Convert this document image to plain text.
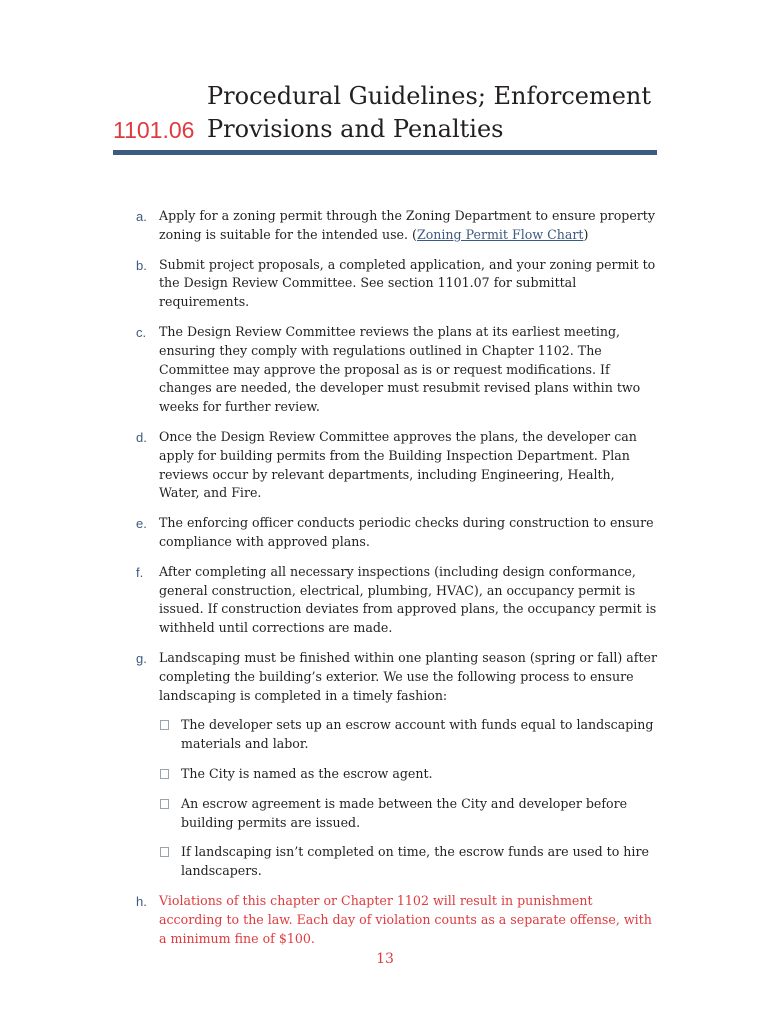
Procedural Guidelines; Enforcement
1101.06 Provisions and Penalties
a. Apply for a zoning permit through the Zoning Department to ensure property zoning is suitable for the intended use. (Zoning Permit Flow Chart)
b. Submit project proposals, a completed application, and your zoning permit to the Design Review Committee. See section 1101.07 for submittal requirements.
c. The Design Review Committee reviews the plans at its earliest meeting, ensuring they comply with regulations outlined in Chapter 1102. The Committee may approve the proposal as is or request modifications. If changes are needed, the developer must resubmit revised plans within two weeks for further review.
d. Once the Design Review Committee approves the plans, the developer can apply for building permits from the Building Inspection Department. Plan reviews occur by relevant departments, including Engineering, Health, Water, and Fire.
e. The enforcing officer conducts periodic checks during construction to ensure compliance with approved plans.
f. After completing all necessary inspections (including design conformance, general construction, electrical, plumbing, HVAC), an occupancy permit is issued. If construction deviates from approved plans, the occupancy permit is withheld until corrections are made.
g. Landscaping must be finished within one planting season (spring or fall) after completing the building’s exterior. We use the following process to ensure landscaping is completed in a timely fashion:
The developer sets up an escrow account with funds equal to landscaping materials and labor.
The City is named as the escrow agent.
An escrow agreement is made between the City and developer before building permits are issued.
If landscaping isn’t completed on time, the escrow funds are used to hire landscapers.
h. Violations of this chapter or Chapter 1102 will result in punishment according to the law. Each day of violation counts as a separate offense, with a minimum fine of $100.
13
